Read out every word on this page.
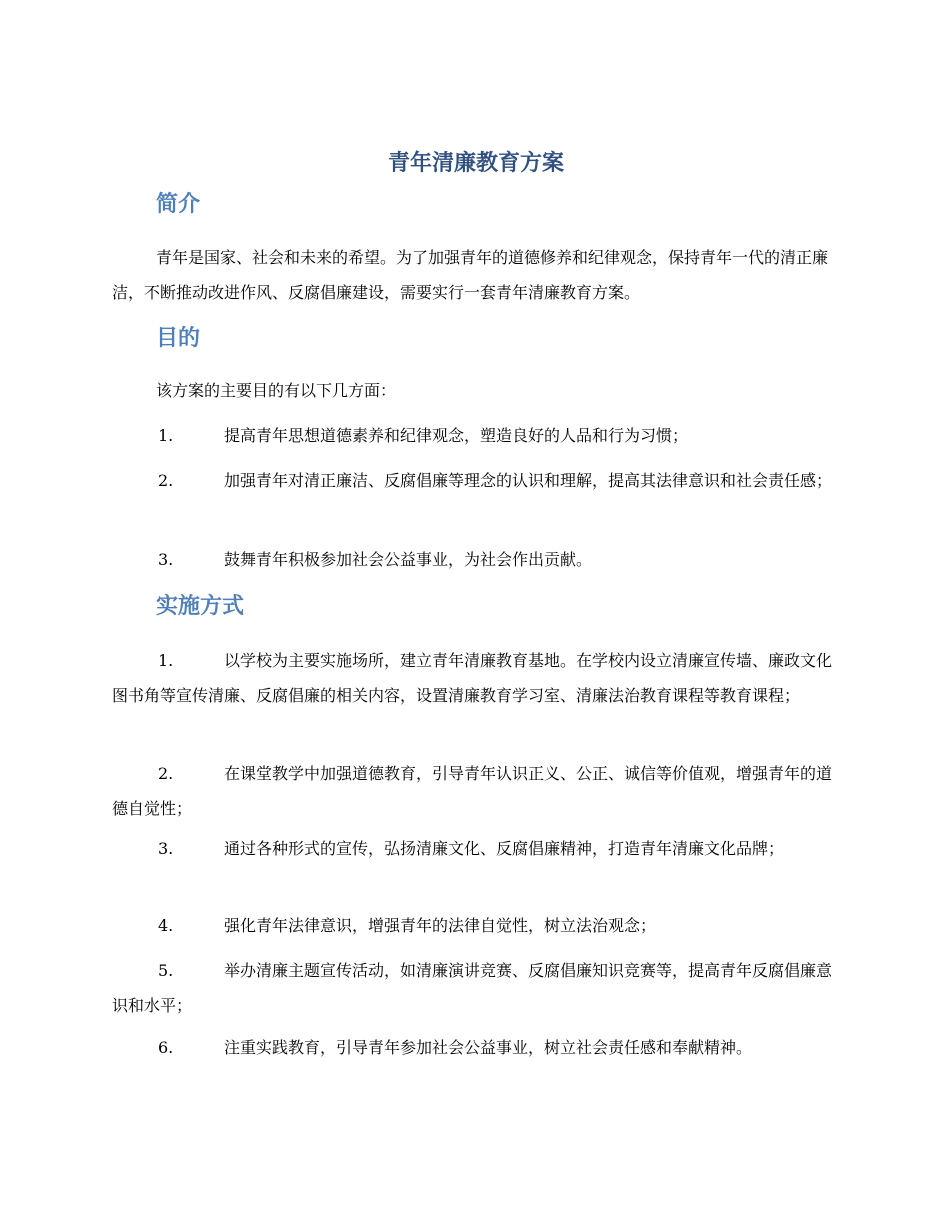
青年清廉教育方案
简介

青年是国家、社会和未来的希望。为了加强青年的道德修养和纪律观念，保持青年一代的清正廉洁，不断推动改进作风、反腐倡廉建设，需要实行一套青年清廉教育方案。

目的

该方案的主要目的有以下几方面：

1.	提高青年思想道德素养和纪律观念，塑造良好的人品和行为习惯；

2.	加强青年对清正廉洁、反腐倡廉等理念的认识和理解，提高其法律意识和社会责任感；

3.	鼓舞青年积极参加社会公益事业，为社会作出贡献。

实施方式

1.	以学校为主要实施场所，建立青年清廉教育基地。在学校内设立清廉宣传墙、廉政文化图书角等宣传清廉、反腐倡廉的相关内容，设置清廉教育学习室、清廉法治教育课程等教育课程；

2.	在课堂教学中加强道德教育，引导青年认识正义、公正、诚信等价值观，增强青年的道德自觉性；

3.	通过各种形式的宣传，弘扬清廉文化、反腐倡廉精神，打造青年清廉文化品牌；

4.	强化青年法律意识，增强青年的法律自觉性，树立法治观念；

5.	举办清廉主题宣传活动，如清廉演讲竞赛、反腐倡廉知识竞赛等，提高青年反腐倡廉意识和水平；

6.	注重实践教育，引导青年参加社会公益事业，树立社会责任感和奉献精神。
